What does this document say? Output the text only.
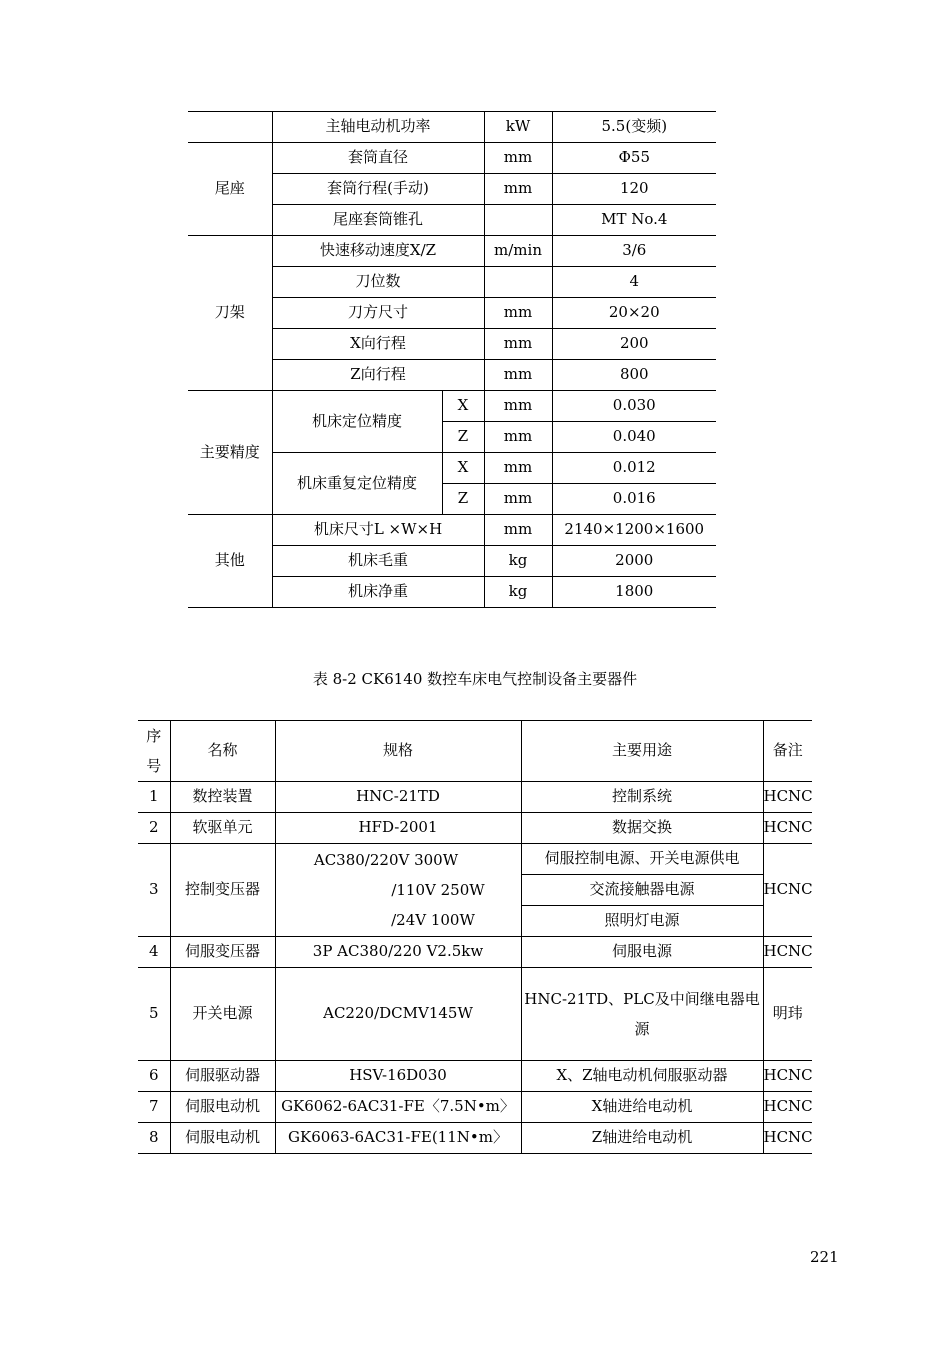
	主轴电动机功率		kW	5.5(变频)
尾座	套筒直径		mm	Ф55
	套筒行程(手动)		mm	120
	尾座套筒锥孔			MT No.4
刀架	快速移动速度X/Z		m/min	3/6
	刀位数			4
	刀方尺寸		mm	20×20
	X向行程		mm	200
	Z向行程		mm	800
主要精度	机床定位精度	X	mm	0.030
		Z	mm	0.040
	机床重复定位精度	X	mm	0.012
		Z	mm	0.016
其他	机床尺寸L ×W×H		mm	2140×1200×1600
	机床毛重		kg	2000
	机床净重		kg	1800
表 8-2 CK6140 数控车床电气控制设备主要器件
序
号	名称	规格	主要用途	备注
1	数控装置	HNC-21TD	控制系统	HCNC
2	软驱单元	HFD-2001	数据交换	HCNC
3	控制变压器	AC380/220V 300W
/110V 250W
/24V 100W	伺服控制电源、开关电源供电	HCNC
			交流接触器电源	
			照明灯电源	
4	伺服变压器	3P AC380/220 V2.5kw	伺服电源	HCNC
5	开关电源	AC220/DCMV145W	HNC-21TD、PLC及中间继电器电源	明玮
6	伺服驱动器	HSV-16D030	X、Z轴电动机伺服驱动器	HCNC
7	伺服电动机	GK6062-6AC31-FE〈7.5N•m〉	X轴进给电动机	HCNC
8	伺服电动机	GK6063-6AC31-FE(11N•m〉	Z轴进给电动机	HCNC
221
